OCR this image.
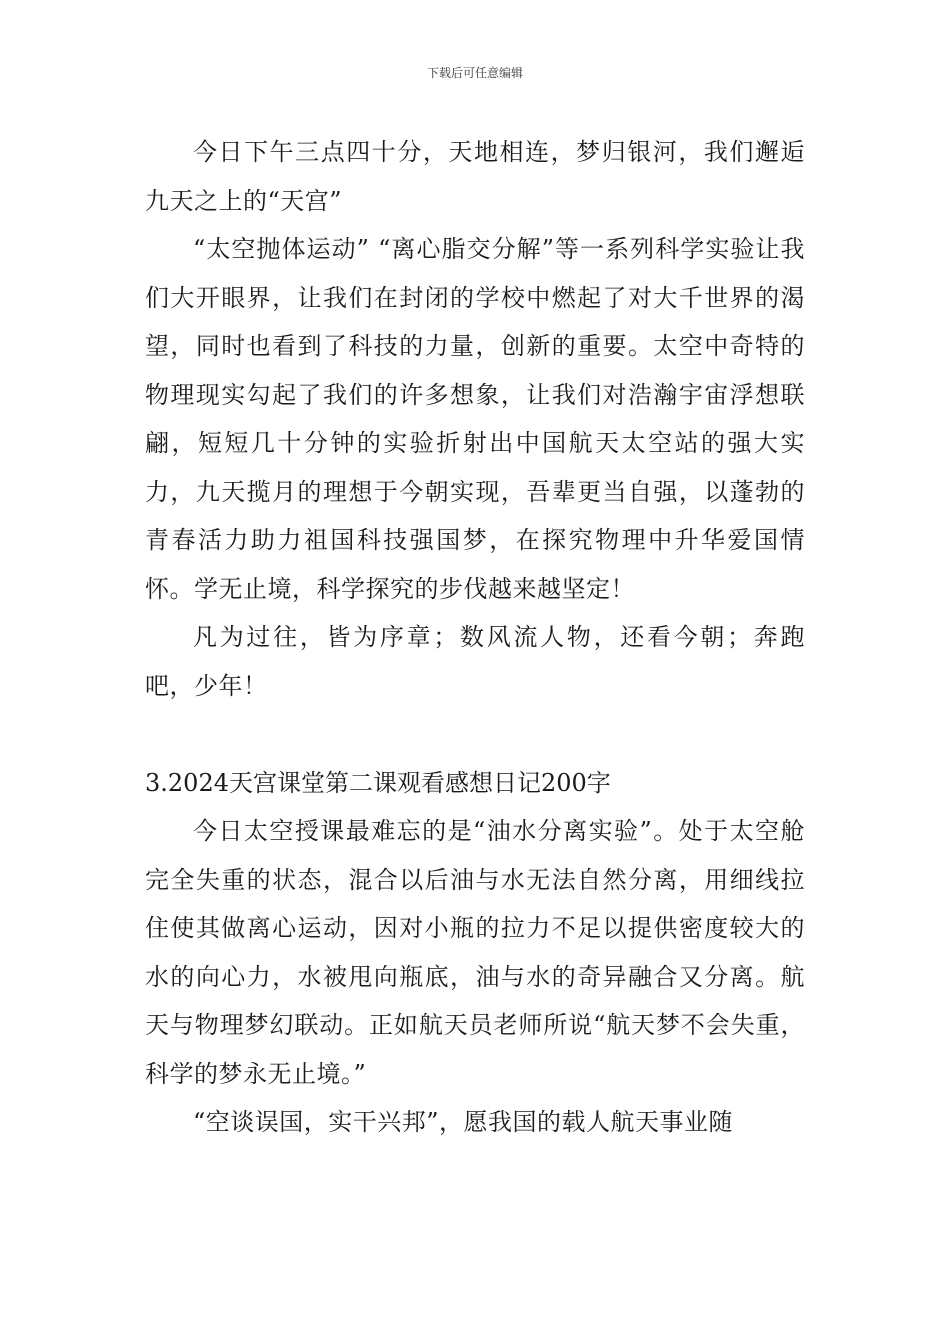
下载后可任意编辑

今日下午三点四十分，天地相连，梦归银河，我们邂逅九天之上的“天宫”

“太空抛体运动” “离心脂交分解”等一系列科学实验让我们大开眼界，让我们在封闭的学校中燃起了对大千世界的渴望，同时也看到了科技的力量，创新的重要。太空中奇特的物理现实勾起了我们的许多想象，让我们对浩瀚宇宙浮想联翩，短短几十分钟的实验折射出中国航天太空站的强大实力，九天揽月的理想于今朝实现，吾辈更当自强，以蓬勃的青春活力助力祖国科技强国梦，在探究物理中升华爱国情怀。学无止境，科学探究的步伐越来越坚定！

凡为过往，皆为序章；数风流人物，还看今朝；奔跑吧，少年！

3.2024天宫课堂第二课观看感想日记200字

今日太空授课最难忘的是“油水分离实验”。处于太空舱完全失重的状态，混合以后油与水无法自然分离，用细线拉住使其做离心运动，因对小瓶的拉力不足以提供密度较大的水的向心力，水被甩向瓶底，油与水的奇异融合又分离。航天与物理梦幻联动。正如航天员老师所说“航天梦不会失重，科学的梦永无止境。”

“空谈误国，实干兴邦”，愿我国的载人航天事业随
